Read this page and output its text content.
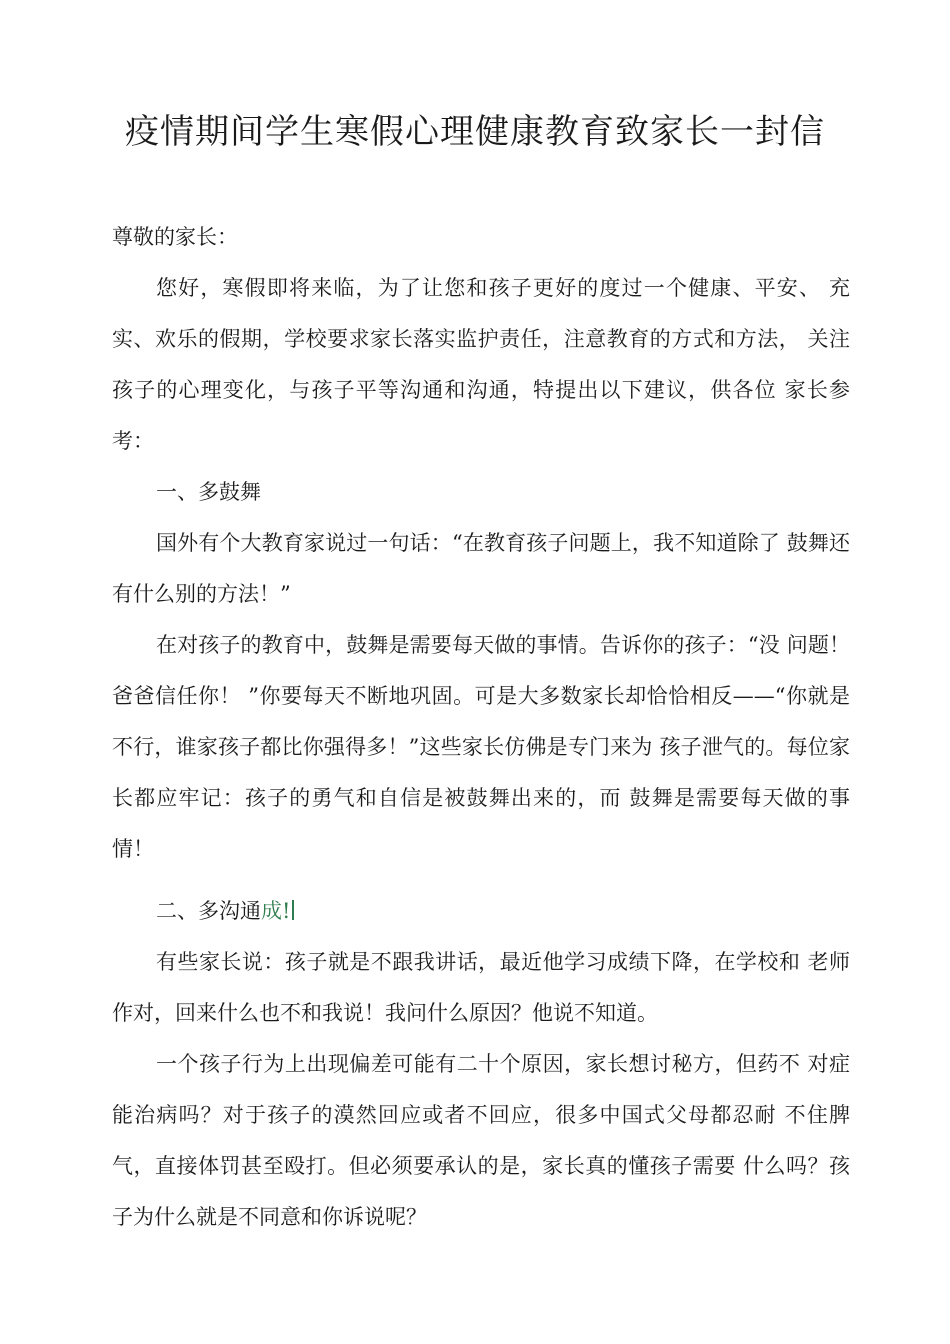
疫情期间学生寒假心理健康教育致家长一封信

尊敬的家长：

您好，寒假即将来临，为了让您和孩子更好的度过一个健康、平安、 充实、欢乐的假期，学校要求家长落实监护责任，注意教育的方式和方法， 关注孩子的心理变化，与孩子平等沟通和沟通，特提出以下建议，供各位 家长参考：

一、多鼓舞

国外有个大教育家说过一句话：“在教育孩子问题上，我不知道除了 鼓舞还有什么别的方法！”

在对孩子的教育中，鼓舞是需要每天做的事情。告诉你的孩子：“没 问题！爸爸信任你！ ”你要每天不断地巩固。可是大多数家长却恰恰相反——“你就是不行，谁家孩子都比你强得多！”这些家长仿佛是专门来为 孩子泄气的。每位家长都应牢记：孩子的勇气和自信是被鼓舞出来的，而 鼓舞是需要每天做的事情！

二、多沟通成!

有些家长说：孩子就是不跟我讲话，最近他学习成绩下降，在学校和 老师作对，回来什么也不和我说！我问什么原因？他说不知道。

一个孩子行为上出现偏差可能有二十个原因，家长想讨秘方，但药不 对症能治病吗？对于孩子的漠然回应或者不回应，很多中国式父母都忍耐 不住脾气，直接体罚甚至殴打。但必须要承认的是，家长真的懂孩子需要 什么吗？孩子为什么就是不同意和你诉说呢？
